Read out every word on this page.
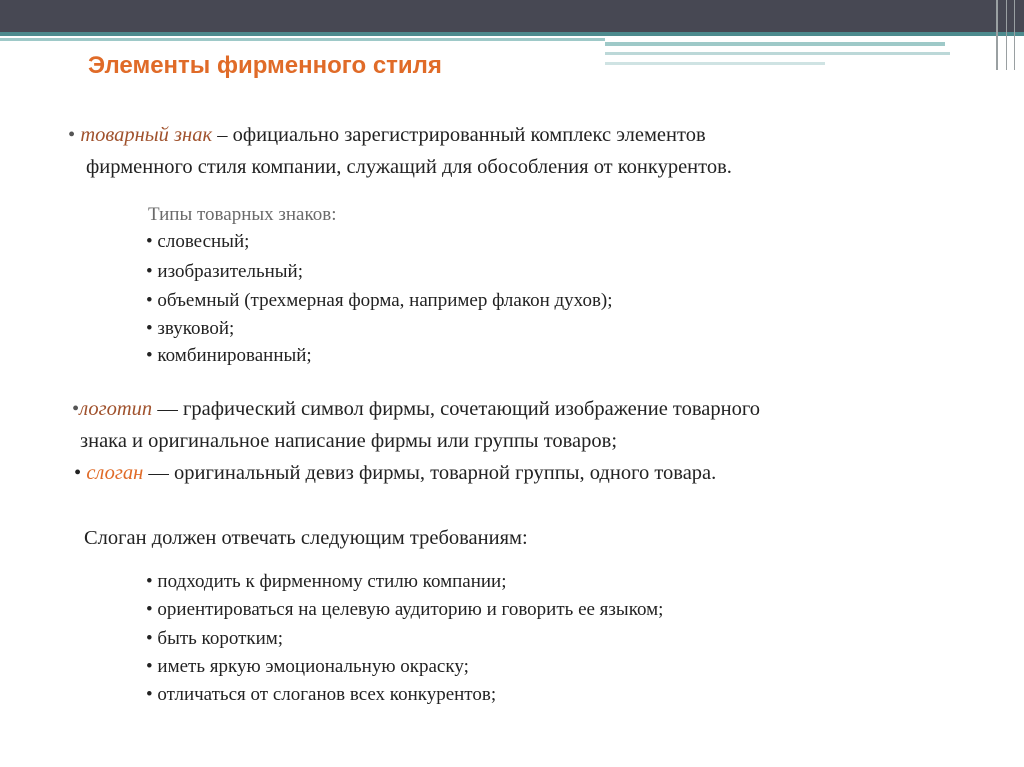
Элементы фирменного стиля
• товарный знак – официально зарегистрированный комплекс элементов
фирменного стиля компании, служащий для обособления от конкурентов.
Типы товарных знаков:
• словесный;
• изобразительный;
• объемный (трехмерная форма, например флакон духов);
• звуковой;
• комбинированный;
•логотип — графический символ фирмы, сочетающий изображение товарного
знака и оригинальное написание фирмы или группы товаров;
• слоган — оригинальный девиз фирмы, товарной группы, одного товара.
Слоган должен отвечать следующим требованиям:
• подходить к фирменному стилю компании;
• ориентироваться на целевую аудиторию и говорить ее языком;
• быть коротким;
• иметь яркую эмоциональную окраску;
• отличаться от слоганов всех конкурентов;
